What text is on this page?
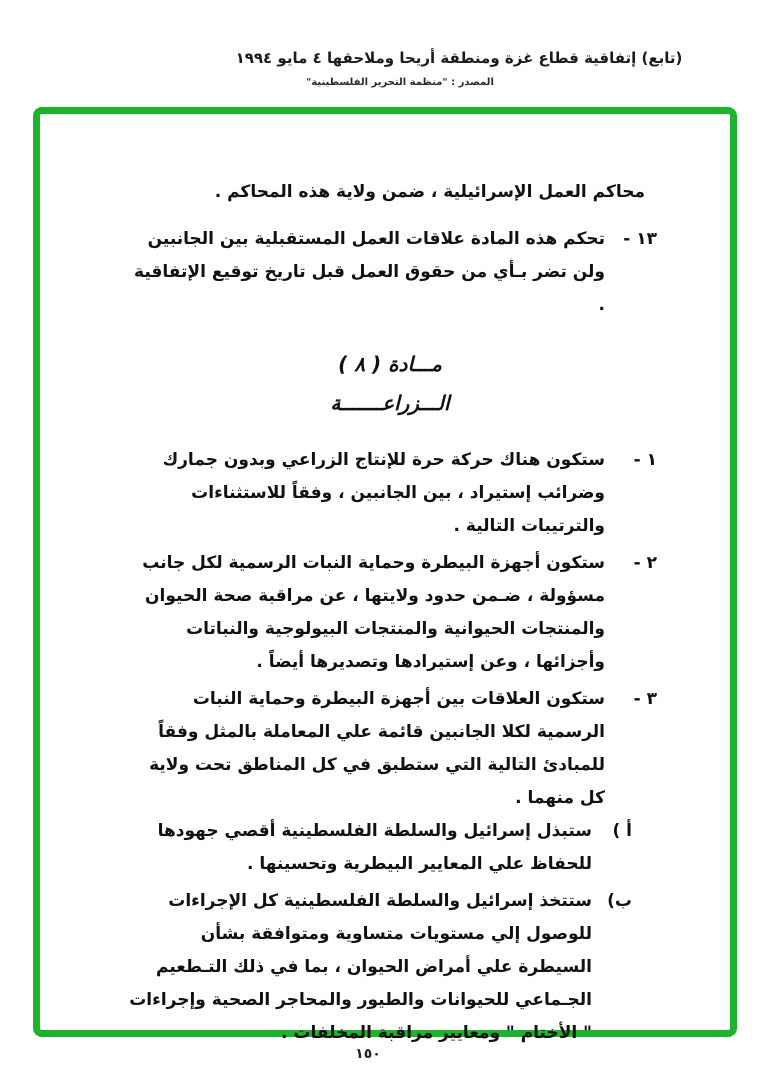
(تابع) إتفاقية قطاع غزة ومنطقة أريحا وملاحقها ٤ مايو ١٩٩٤
المصدر : "منظمة التحرير الفلسطينية"

محاكم العمل الإسرائيلية ، ضمن ولاية هذه المحاكم .

١٣ -
تحكم هذه المادة علاقات العمل المستقبلية بين الجانبين ولن تضر بـأي من حقوق العمل قبل تاريخ توقيع الإتفاقية .
مـــادة ( ٨ )
الـــزراعـــــــة
١ -
ستكون هناك حركة حرة للإنتاج الزراعي وبدون جمارك وضرائب إستيراد ، بين الجانبين ، وفقاً للاستثناءات والترتيبات التالية .
٢ -
ستكون أجهزة البيطرة وحماية النبات الرسمية لكل جانب مسؤولة ، ضـمن حدود ولايتها ، عن مراقبة صحة الحيوان والمنتجات الحيوانية والمنتجات البيولوجية والنباتات وأجزائها ، وعن إستيرادها وتصديرها أيضاً .
٣ -
ستكون العلاقات بين أجهزة البيطرة وحماية النبات الرسمية لكلا الجانبين قائمة علي المعاملة بالمثل وفقاً للمبادئ التالية التي ستطبق في كل المناطق تحت ولاية كل منهما .
أ )
ستبذل إسرائيل والسلطة الفلسطينية أقصي جهودها للحفاظ علي المعايير البيطرية وتحسينها .
ب)
ستتخذ إسرائيل والسلطة الفلسطينية كل الإجراءات للوصول إلي مستويات متساوية ومتوافقة بشأن السيطرة علي أمراض الحيوان ، بما في ذلك التـطعيم الجـماعي للحيوانات والطيور والمحاجر الصحية وإجراءات " الأختام " ومعايير مراقبة المخلفات .
١٥٠
